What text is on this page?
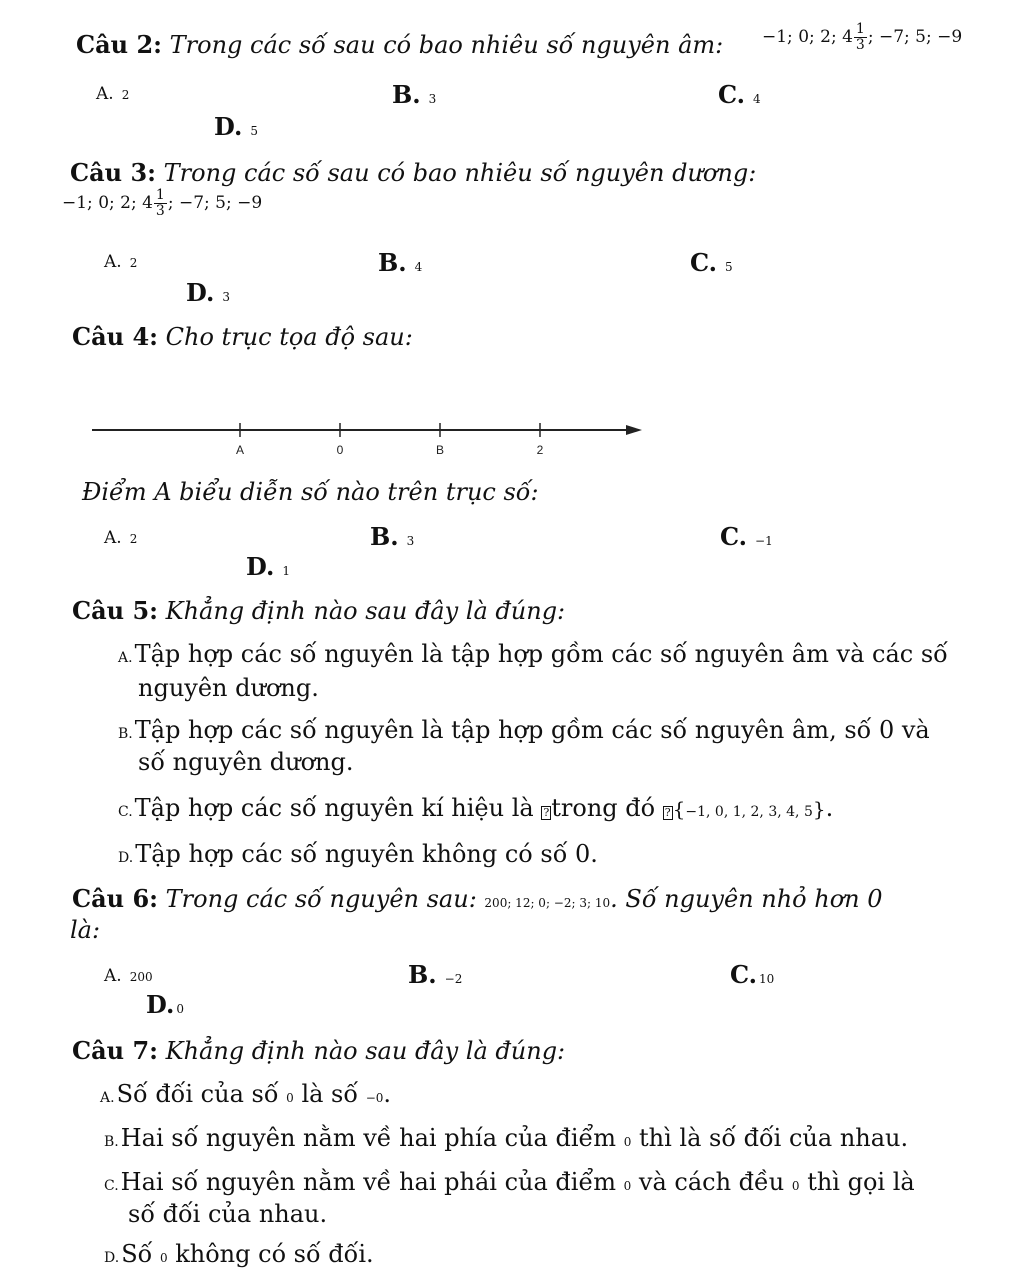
Câu 2: Trong các số sau có bao nhiêu số nguyên âm: −1; 0; 2; $4 \frac{1}{3}$ ; −7; 5; −9
A. 2	B. 3	C. 4
D. 5
Câu 3: Trong các số sau có bao nhiêu số nguyên dương:
−1; 0; 2; $4 \frac{1}{3}$ ; −7; 5; −9
A. 2	B. 4	C. 5
D. 3
Câu 4: Cho trục tọa độ sau:
A	0	B	2
Điểm A biểu diễn số nào trên trục số:
A. 2	B. 3	C. −1
D. 1
Câu 5: Khẳng định nào sau đây là đúng:
A.Tập hợp các số nguyên là tập hợp gồm các số nguyên âm và các số
nguyên dương.
B.Tập hợp các số nguyên là tập hợp gồm các số nguyên âm, số 0 và
số nguyên dương.
C.Tập hợp các số nguyên kí hiệu là ?trong đó ? {−1, 0, 1, 2, 3, 4, 5}.
D.Tập hợp các số nguyên không có số 0.
Câu 6: Trong các số nguyên sau: 200; 12; 0; −2; 3; 10. Số nguyên nhỏ hơn 0
là:
A. 200	B. −2	C. 10
D. 0
Câu 7: Khẳng định nào sau đây là đúng:
A.Số đối của số 0 là số −0.
B.Hai số nguyên nằm về hai phía của điểm 0 thì là số đối của nhau.
C.Hai số nguyên nằm về hai phái của điểm 0 và cách đều 0 thì gọi là
số đối của nhau.
D.Số 0 không có số đối.
